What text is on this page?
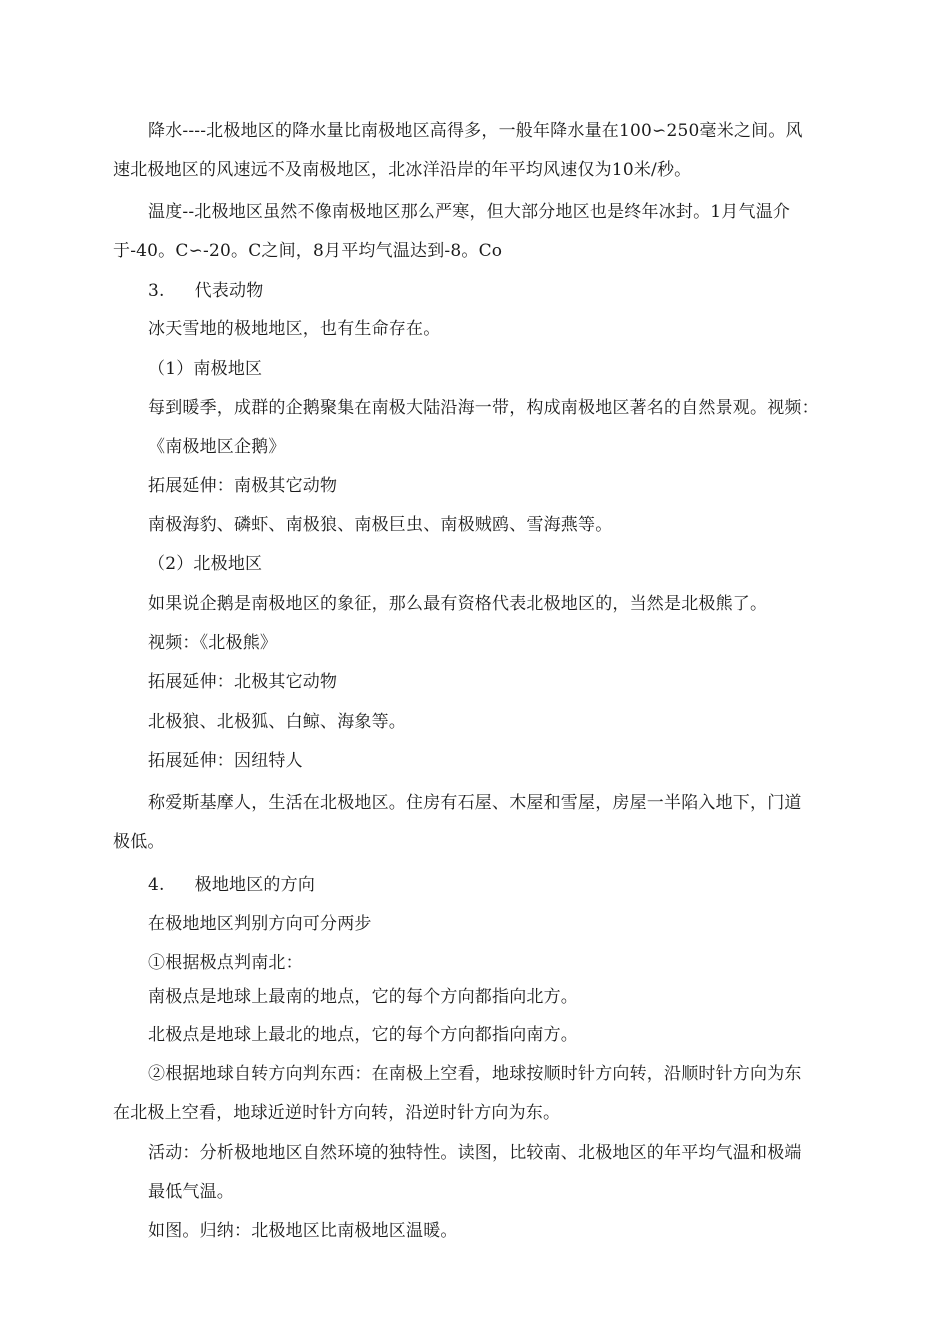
降水----北极地区的降水量比南极地区高得多，一般年降水量在100∽250毫米之间。风
速北极地区的风速远不及南极地区，北冰洋沿岸的年平均风速仅为10米/秒。
温度--北极地区虽然不像南极地区那么严寒，但大部分地区也是终年冰封。1月气温介
于-40。C∽-20。C之间，8月平均气温达到-8。Co
3. 代表动物
冰天雪地的极地地区，也有生命存在。
（1）南极地区
每到暖季，成群的企鹅聚集在南极大陆沿海一带，构成南极地区著名的自然景观。视频：
《南极地区企鹅》
拓展延伸：南极其它动物
南极海豹、磷虾、南极狼、南极巨虫、南极贼鸥、雪海燕等。
（2）北极地区
如果说企鹅是南极地区的象征，那么最有资格代表北极地区的，当然是北极熊了。
视频：《北极熊》
拓展延伸：北极其它动物
北极狼、北极狐、白鲸、海象等。
拓展延伸：因纽特人
称爱斯基摩人，生活在北极地区。住房有石屋、木屋和雪屋，房屋一半陷入地下，门道
极低。
4. 极地地区的方向
在极地地区判别方向可分两步
①根据极点判南北：
南极点是地球上最南的地点，它的每个方向都指向北方。
北极点是地球上最北的地点，它的每个方向都指向南方。
②根据地球自转方向判东西：在南极上空看，地球按顺时针方向转，沿顺时针方向为东
在北极上空看，地球近逆时针方向转，沿逆时针方向为东。
活动：分析极地地区自然环境的独特性。读图，比较南、北极地区的年平均气温和极端
最低气温。
如图。归纳：北极地区比南极地区温暖。
